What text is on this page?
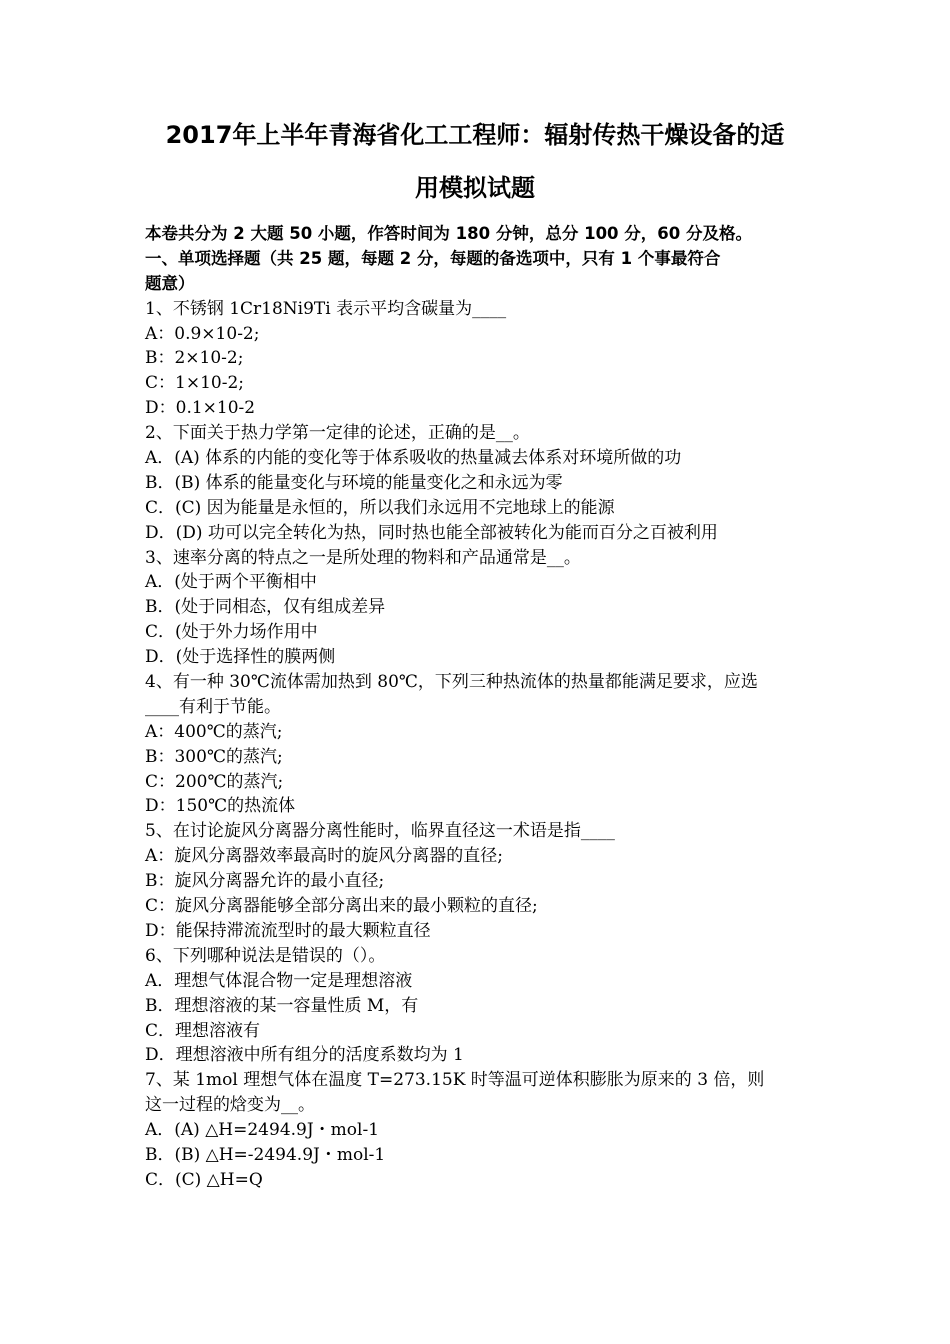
2017年上半年青海省化工工程师：辐射传热干燥设备的适
用模拟试题
本卷共分为 2 大题 50 小题，作答时间为 180 分钟，总分 100 分，60 分及格。
一、单项选择题（共 25 题，每题 2 分，每题的备选项中，只有 1 个事最符合
题意）
1、不锈钢 1Cr18Ni9Ti 表示平均含碳量为____
A：0.9×10-2;
B：2×10-2;
C：1×10-2;
D：0.1×10-2
2、下面关于热力学第一定律的论述，正确的是__。
A．(A) 体系的内能的变化等于体系吸收的热量减去体系对环境所做的功
B．(B) 体系的能量变化与环境的能量变化之和永远为零
C．(C) 因为能量是永恒的，所以我们永远用不完地球上的能源
D．(D) 功可以完全转化为热，同时热也能全部被转化为能而百分之百被利用
3、速率分离的特点之一是所处理的物料和产品通常是__。
A．(处于两个平衡相中
B．(处于同相态，仅有组成差异
C．(处于外力场作用中
D．(处于选择性的膜两侧
4、有一种 30℃流体需加热到 80℃，下列三种热流体的热量都能满足要求，应选
____有利于节能。
A：400℃的蒸汽;
B：300℃的蒸汽;
C：200℃的蒸汽;
D：150℃的热流体
5、在讨论旋风分离器分离性能时，临界直径这一术语是指____
A：旋风分离器效率最高时的旋风分离器的直径;
B：旋风分离器允许的最小直径;
C：旋风分离器能够全部分离出来的最小颗粒的直径;
D：能保持滞流流型时的最大颗粒直径
6、下列哪种说法是错误的（）。
A．理想气体混合物一定是理想溶液
B．理想溶液的某一容量性质 M，有
C．理想溶液有
D．理想溶液中所有组分的活度系数均为 1
7、某 1mol 理想气体在温度 T=273.15K 时等温可逆体积膨胀为原来的 3 倍，则
这一过程的焓变为__。
A．(A) △H=2494.9J・mol-1
B．(B) △H=-2494.9J・mol-1
C．(C) △H=Q
